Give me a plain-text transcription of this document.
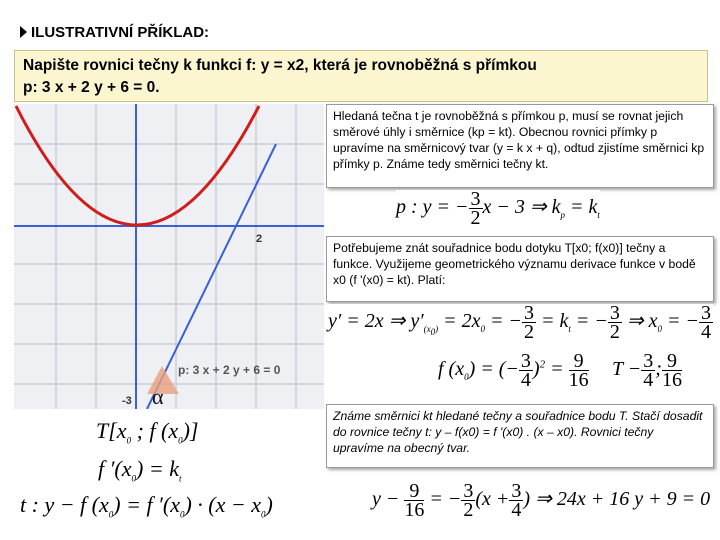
ILUSTRATIVNÍ PŘÍKLAD:
Napište rovnici tečny k funkci f: y = x2, která je rovnoběžná s přímkou
p: 3 x + 2 y + 6 = 0.
α
2
-3
p: 3 x + 2 y + 6 = 0
Hledaná tečna t je rovnoběžná s přímkou p, musí se rovnat jejich směrové úhly i směrnice (kp = kt). Obecnou rovnici přímky p upravíme na směrnicový tvar (y = k x + q), odtud zjistíme směrnici kp přímky p. Známe tedy směrnici tečny kt.
Potřebujeme znát souřadnice bodu dotyku T[x0; f(x0)] tečny a funkce. Využijeme geometrického významu derivace funkce v bodě x0 (f '(x0) = kt). Platí:
Známe směrnici kt hledané tečny a souřadnice bodu T. Stačí dosadit do rovnice tečny t: y – f(x0) = f '(x0) . (x – x0). Rovnici tečny upravíme na obecný tvar.
p : y = − $\frac{3}{2}$ x − 3 ⇒ $k_p = k_t$
y′ = 2x ⇒ $y'_{(x_0)} = 2x_0$ = − $\frac{3}{2} = k_t$ = − $\frac{3}{2}$ ⇒ $x_0$ = − $\frac{3}{4}$
f $(x_0)$ = (− $\frac{3}{4} )^2 = \frac{9}{16}$ $T - \frac{3}{4}$ ; $\frac{9}{16}$
$T[x_0$ ; f $(x_0)$]
f $'(x_0) = k_t$
t : y − f $(x_0) = f$ $'(x_0) \cdot (x - x_0)$	$y - \frac{9}{16}$ = − $\frac{3}{2} (x + \frac{3}{4}$ ) ⇒ 24x + 16 y + 9 = 0
